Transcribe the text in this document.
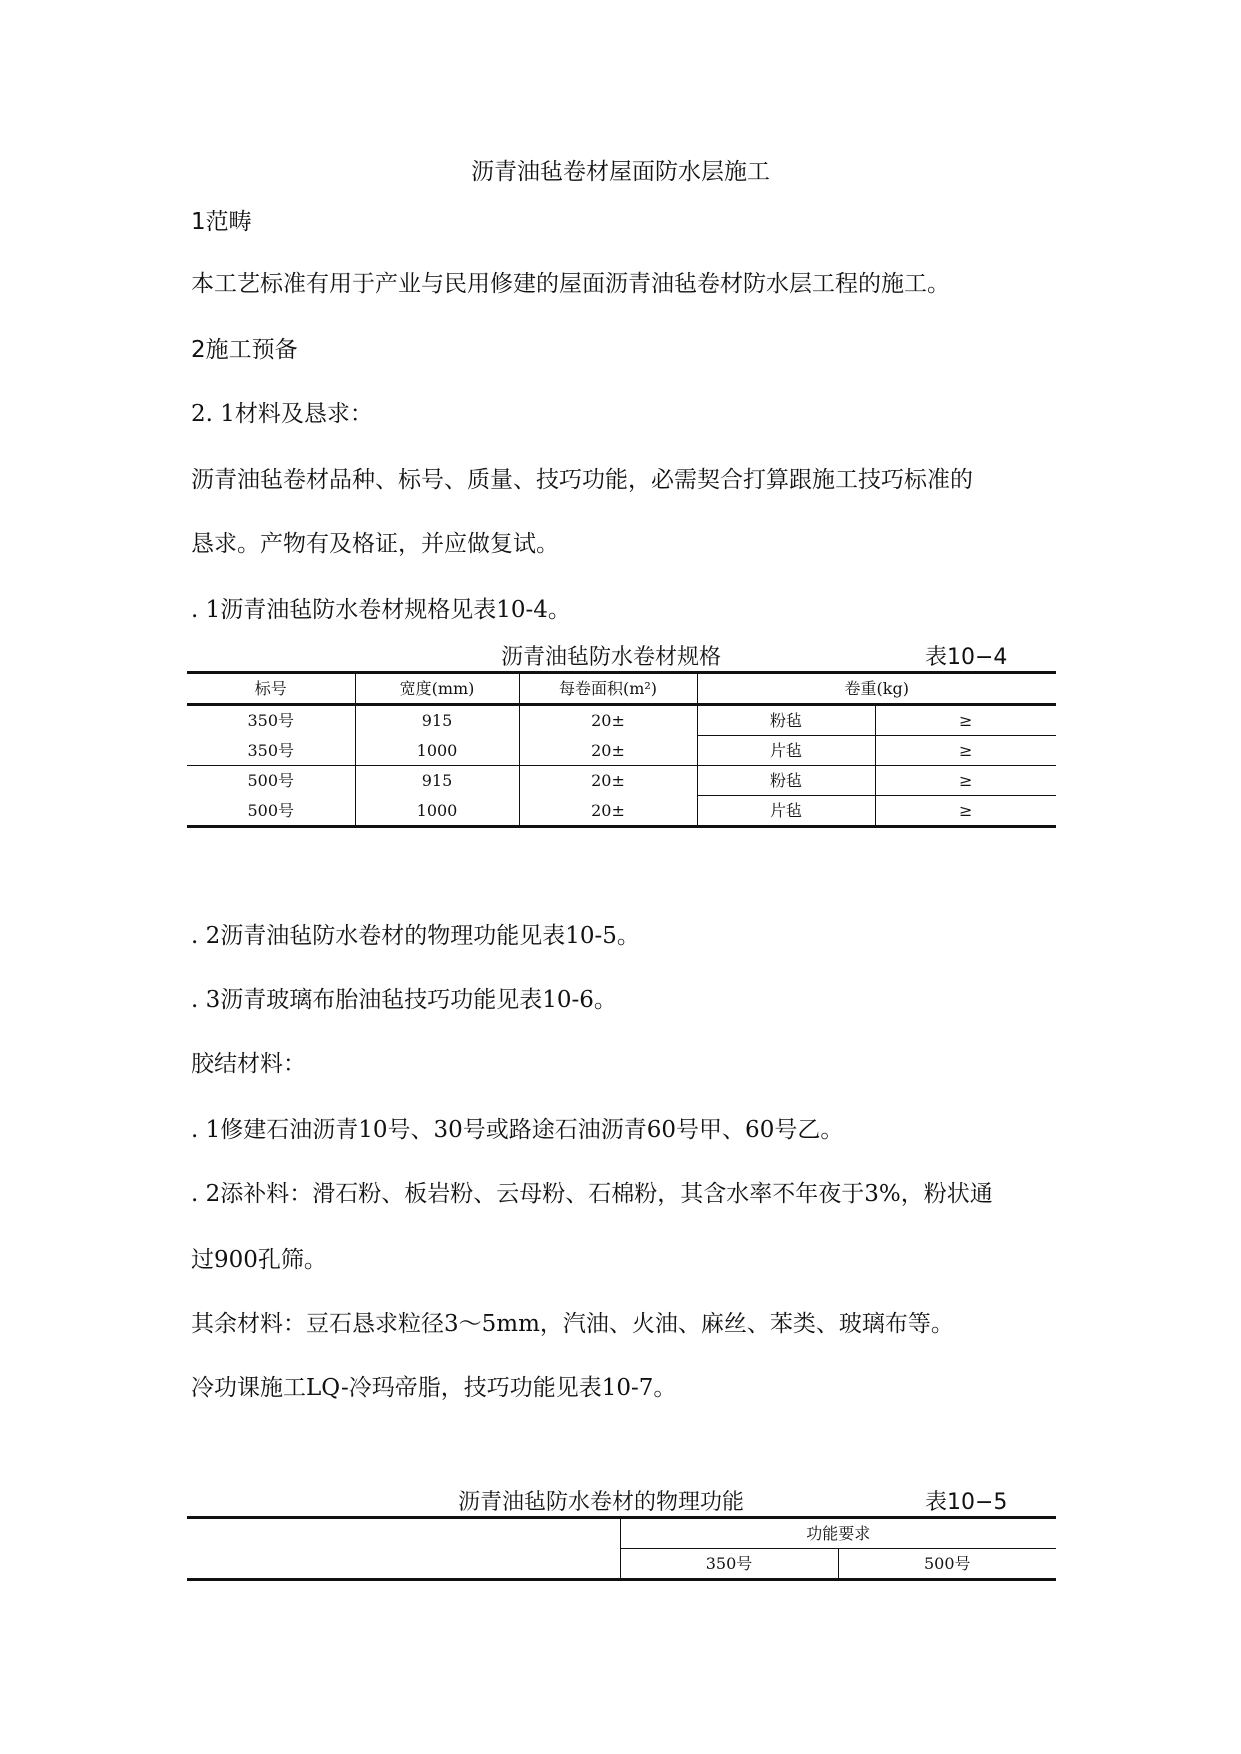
沥青油毡卷材屋面防水层施工
1范畴
本工艺标准有用于产业与民用修建的屋面沥青油毡卷材防水层工程的施工。
2施工预备
2. 1材料及恳求：
沥青油毡卷材品种、标号、质量、技巧功能，必需契合打算跟施工技巧标准的
恳求。产物有及格证，并应做复试。
. 1沥青油毡防水卷材规格见表10-4。
沥青油毡防水卷材规格	表10−4
标号	宽度(mm)	每卷面积(m²)	卷重(kg)	
350号	915	20±	粉毡	≥
350号	1000	20±	片毡	≥
500号	915	20±	粉毡	≥
500号	1000	20±	片毡	≥
. 2沥青油毡防水卷材的物理功能见表10-5。
. 3沥青玻璃布胎油毡技巧功能见表10-6。
胶结材料：
. 1修建石油沥青10号、30号或路途石油沥青60号甲、60号乙。
. 2添补料：滑石粉、板岩粉、云母粉、石棉粉，其含水率不年夜于3%，粉状通
过900孔筛。
其余材料：豆石恳求粒径3～5mm，汽油、火油、麻丝、苯类、玻璃布等。
冷功课施工LQ-冷玛帝脂，技巧功能见表10-7。
沥青油毡防水卷材的物理功能	表10−5
	功能要求	
	350号	500号
